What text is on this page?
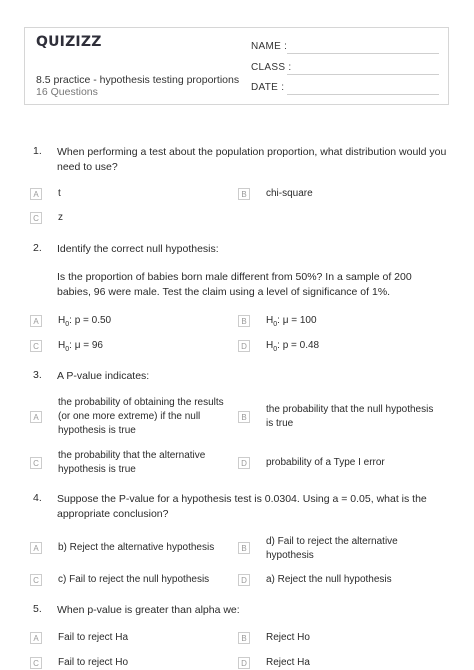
QUIZIZZ
8.5 practice - hypothesis testing proportions
16 Questions
NAME :
CLASS :
DATE :
1. When performing a test about the population proportion, what distribution would you need to use?
A	t	B	chi-square
C	z
2. Identify the correct null hypothesis:
Is the proportion of babies born male different from 50%? In a sample of 200 babies, 96 were male. Test the claim using a level of significance of 1%.
A	$H_0$: p = 0.50	B	$H_0$: μ = 100
C	$H_0$: μ = 96	D	$H_0$: p = 0.48
3. A P-value indicates:
A
the probability of obtaining the results (or one more extreme) if the null hypothesis is true
B
the probability that the null hypothesis is true
C
the probability that the alternative hypothesis is true
D	probability of a Type I error
4. Suppose the P-value for a hypothesis test is 0.0304. Using a = 0.05, what is the appropriate conclusion?
A	b) Reject the alternative hypothesis	B
d) Fail to reject the alternative hypothesis
C	c) Fail to reject the null hypothesis	D	a) Reject the null hypothesis
5. When p-value is greater than alpha we:
A	Fail to reject Ha	B	Reject Ho
C	Fail to reject Ho	D	Reject Ha
